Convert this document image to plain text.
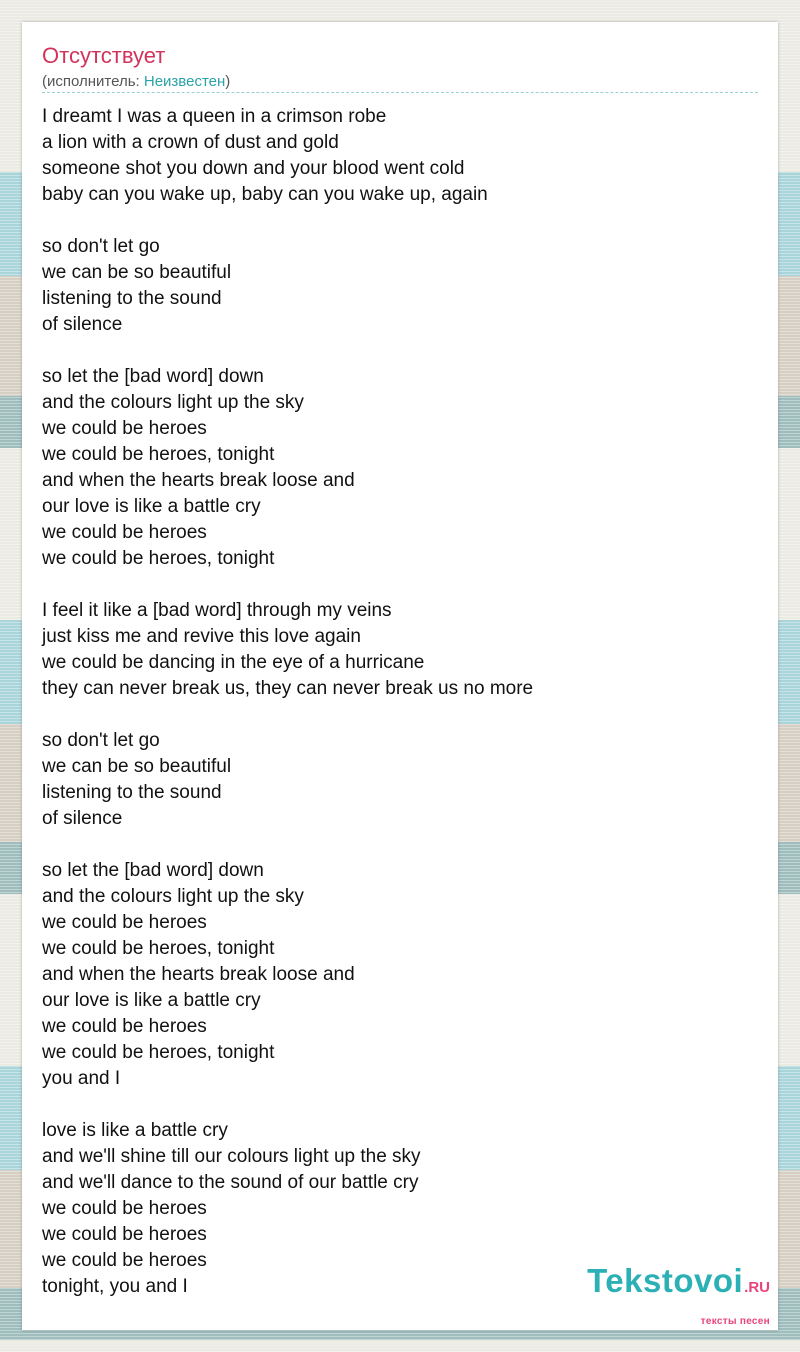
Отсутствует
(исполнитель: Неизвестен)
I dreamt I was a queen in a crimson robe
a lion with a crown of dust and gold
someone shot you down and your blood went cold
baby can you wake up, baby can you wake up, again

so don't let go
we can be so beautiful
listening to the sound
of silence

so let the [bad word] down
and the colours light up the sky
we could be heroes
we could be heroes, tonight
and when the hearts break loose and
our love is like a battle cry
we could be heroes
we could be heroes, tonight

I feel it like a [bad word] through my veins
just kiss me and revive this love again
we could be dancing in the eye of a hurricane
they can never break us, they can never break us no more

so don't let go
we can be so beautiful
listening to the sound
of silence

so let the [bad word] down
and the colours light up the sky
we could be heroes
we could be heroes, tonight
and when the hearts break loose and
our love is like a battle cry
we could be heroes
we could be heroes, tonight
you and I

love is like a battle cry
and we'll shine till our colours light up the sky
and we'll dance to the sound of our battle cry
we could be heroes
we could be heroes
we could be heroes
tonight, you and I	Tekstovoi.RU
тексты песен
